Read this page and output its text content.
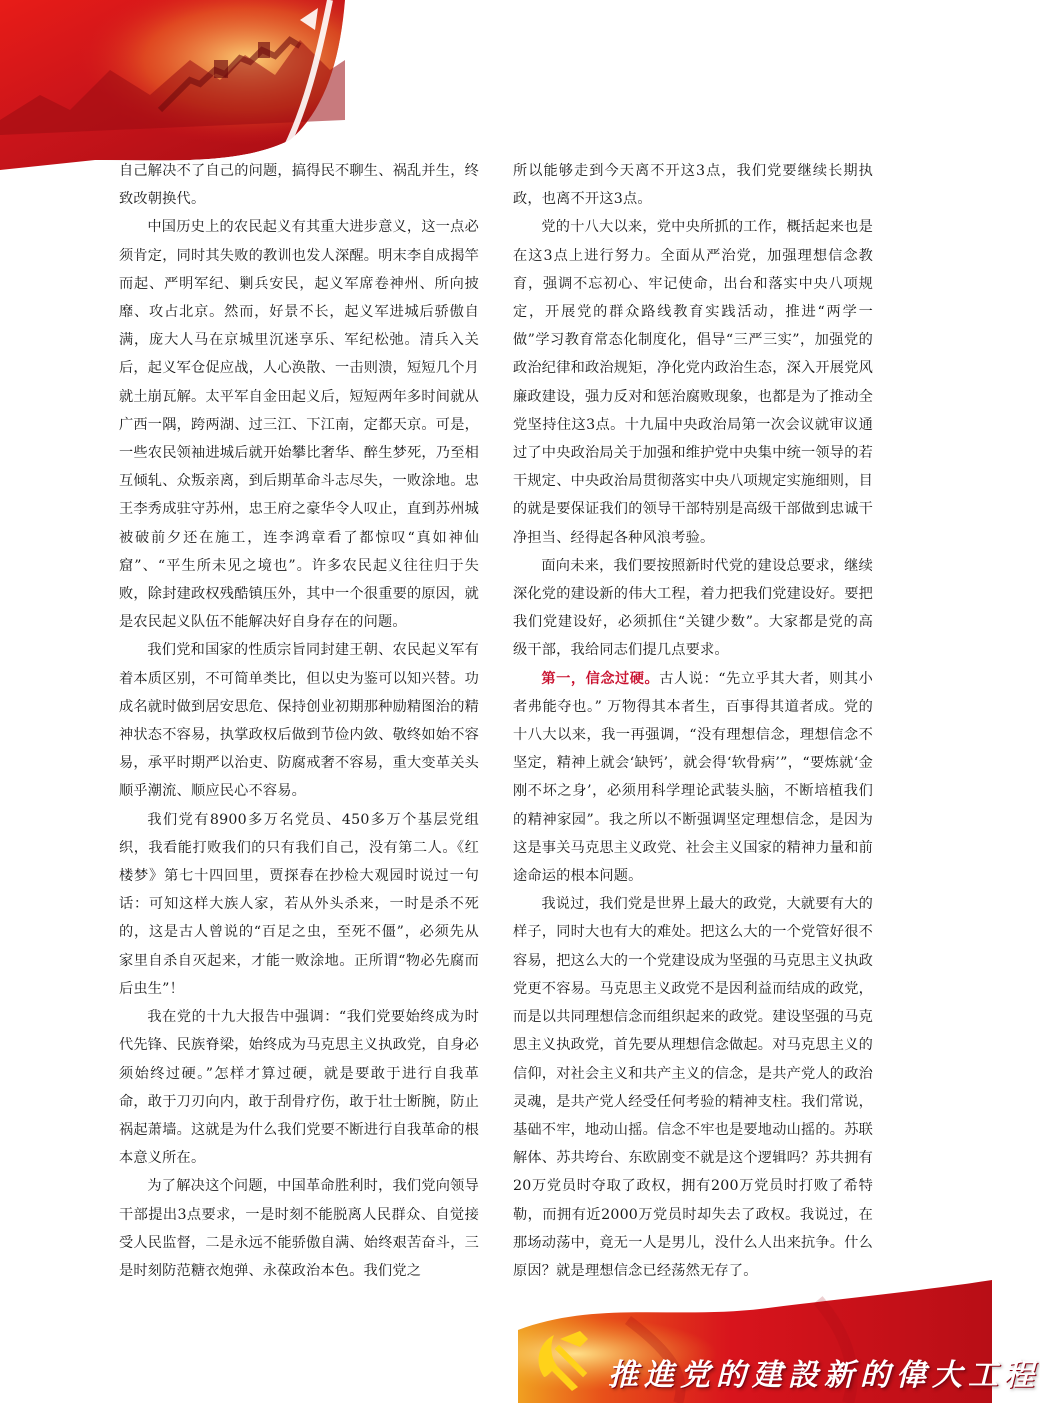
自己解决不了自己的问题，搞得民不聊生、祸乱并生，终致改朝换代。

中国历史上的农民起义有其重大进步意义，这一点必须肯定，同时其失败的教训也发人深醒。明末李自成揭竿而起、严明军纪、剿兵安民，起义军席卷神州、所向披靡、攻占北京。然而，好景不长，起义军进城后骄傲自满，庞大人马在京城里沉迷享乐、军纪松弛。清兵入关后，起义军仓促应战，人心涣散、一击则溃，短短几个月就土崩瓦解。太平军自金田起义后，短短两年多时间就从广西一隅，跨两湖、过三江、下江南，定都天京。可是，一些农民领袖进城后就开始攀比奢华、醉生梦死，乃至相互倾轧、众叛亲离，到后期革命斗志尽失，一败涂地。忠王李秀成驻守苏州，忠王府之豪华令人叹止，直到苏州城被破前夕还在施工，连李鸿章看了都惊叹“真如神仙窟”、“平生所未见之境也”。许多农民起义往往归于失败，除封建政权残酷镇压外，其中一个很重要的原因，就是农民起义队伍不能解决好自身存在的问题。

我们党和国家的性质宗旨同封建王朝、农民起义军有着本质区别，不可简单类比，但以史为鉴可以知兴替。功成名就时做到居安思危、保持创业初期那种励精图治的精神状态不容易，执掌政权后做到节俭内敛、敬终如始不容易，承平时期严以治吏、防腐戒奢不容易，重大变革关头顺乎潮流、顺应民心不容易。

我们党有8900多万名党员、450多万个基层党组织，我看能打败我们的只有我们自己，没有第二人。《红楼梦》第七十四回里，贾探春在抄检大观园时说过一句话：可知这样大族人家，若从外头杀来，一时是杀不死的，这是古人曾说的“百足之虫，至死不僵”，必须先从家里自杀自灭起来，才能一败涂地。正所谓“物必先腐而后虫生”！

我在党的十九大报告中强调：“我们党要始终成为时代先锋、民族脊梁，始终成为马克思主义执政党，自身必须始终过硬。”怎样才算过硬，就是要敢于进行自我革命，敢于刀刃向内，敢于刮骨疗伤，敢于壮士断腕，防止祸起萧墙。这就是为什么我们党要不断进行自我革命的根本意义所在。

为了解决这个问题，中国革命胜利时，我们党向领导干部提出3点要求，一是时刻不能脱离人民群众、自觉接受人民监督，二是永远不能骄傲自满、始终艰苦奋斗，三是时刻防范糖衣炮弹、永葆政治本色。我们党之

所以能够走到今天离不开这3点，我们党要继续长期执政，也离不开这3点。

党的十八大以来，党中央所抓的工作，概括起来也是在这3点上进行努力。全面从严治党，加强理想信念教育，强调不忘初心、牢记使命，出台和落实中央八项规定，开展党的群众路线教育实践活动，推进“两学一做”学习教育常态化制度化，倡导“三严三实”，加强党的政治纪律和政治规矩，净化党内政治生态，深入开展党风廉政建设，强力反对和惩治腐败现象，也都是为了推动全党坚持住这3点。十九届中央政治局第一次会议就审议通过了中央政治局关于加强和维护党中央集中统一领导的若干规定、中央政治局贯彻落实中央八项规定实施细则，目的就是要保证我们的领导干部特别是高级干部做到忠诚干净担当、经得起各种风浪考验。

面向未来，我们要按照新时代党的建设总要求，继续深化党的建设新的伟大工程，着力把我们党建设好。要把我们党建设好，必须抓住“关键少数”。大家都是党的高级干部，我给同志们提几点要求。

第一，信念过硬。古人说：“先立乎其大者，则其小者弗能夺也。” 万物得其本者生，百事得其道者成。党的十八大以来，我一再强调，“没有理想信念，理想信念不坚定，精神上就会‘缺钙’，就会得‘软骨病’”，“要炼就‘金刚不坏之身’，必须用科学理论武装头脑，不断培植我们的精神家园”。我之所以不断强调坚定理想信念，是因为这是事关马克思主义政党、社会主义国家的精神力量和前途命运的根本问题。

我说过，我们党是世界上最大的政党，大就要有大的样子，同时大也有大的难处。把这么大的一个党管好很不容易，把这么大的一个党建设成为坚强的马克思主义执政党更不容易。马克思主义政党不是因利益而结成的政党，而是以共同理想信念而组织起来的政党。建设坚强的马克思主义执政党，首先要从理想信念做起。对马克思主义的信仰，对社会主义和共产主义的信念，是共产党人的政治灵魂，是共产党人经受任何考验的精神支柱。我们常说，基础不牢，地动山摇。信念不牢也是要地动山摇的。苏联解体、苏共垮台、东欧剧变不就是这个逻辑吗？苏共拥有20万党员时夺取了政权，拥有200万党员时打败了希特勒，而拥有近2000万党员时却失去了政权。我说过，在那场动荡中，竟无一人是男儿，没什么人出来抗争。什么原因？就是理想信念已经荡然无存了。

推進党的建設新的偉大工程
